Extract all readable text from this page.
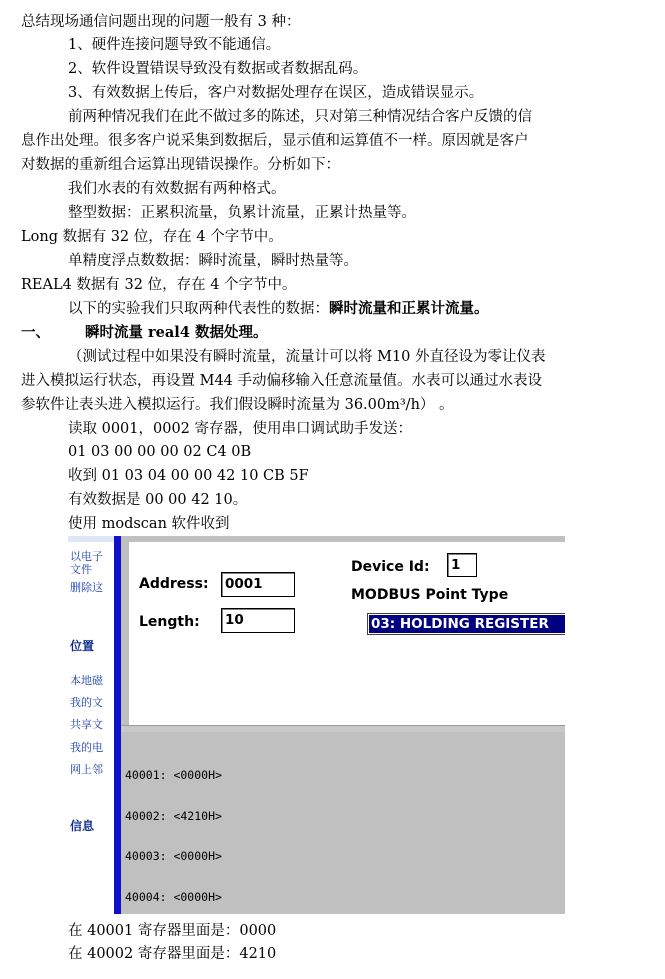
总结现场通信问题出现的问题一般有 3 种：
1、硬件连接问题导致不能通信。
2、软件设置错误导致没有数据或者数据乱码。
3、有效数据上传后，客户对数据处理存在误区，造成错误显示。
前两种情况我们在此不做过多的陈述，只对第三种情况结合客户反馈的信
息作出处理。很多客户说采集到数据后，显示值和运算值不一样。原因就是客户
对数据的重新组合运算出现错误操作。分析如下：
我们水表的有效数据有两种格式。
整型数据：正累积流量，负累计流量，正累计热量等。
Long 数据有 32 位，存在 4 个字节中。
单精度浮点数数据：瞬时流量，瞬时热量等。
REAL4 数据有 32 位，存在 4 个字节中。
以下的实验我们只取两种代表性的数据：瞬时流量和正累计流量。
一、 瞬时流量 real4 数据处理。
（测试过程中如果没有瞬时流量，流量计可以将 M10 外直径设为零让仪表
进入模拟运行状态，再设置 M44 手动偏移输入任意流量值。水表可以通过水表设
参软件让表头进入模拟运行。我们假设瞬时流量为 36.00m³/h） 。
读取 0001，0002 寄存器，使用串口调试助手发送：
01 03 00 00 00 02 C4 0B
收到 01 03 04 00 00 42 10 CB 5F
有效数据是 00 00 42 10。
使用 modscan 软件收到
以电子
文件
删除这
位置
本地磁
我的文
共享文
我的电
网上邻
信息
Address: 0001
Length: 10
Device Id: 1
MODBUS Point Type
03: HOLDING REGISTER

40001: <0000H>

40002: <4210H>

40003: <0000H>

40004: <0000H>

在 40001 寄存器里面是：0000
在 40002 寄存器里面是：4210
